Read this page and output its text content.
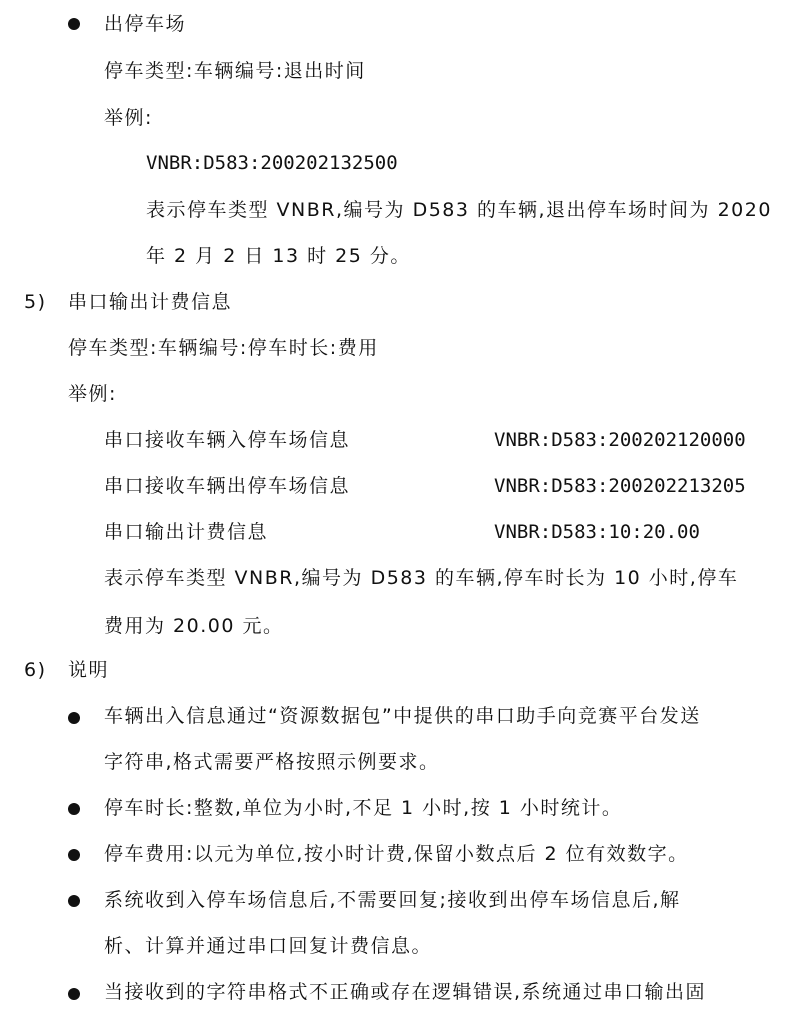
出停车场
停车类型:车辆编号:退出时间
举例:
VNBR:D583:200202132500
表示停车类型 VNBR,编号为 D583 的车辆,退出停车场时间为 2020
年 2 月 2 日 13 时 25 分。
5) 串口输出计费信息
停车类型:车辆编号:停车时长:费用
举例:
串口接收车辆入停车场信息	VNBR:D583:200202120000
串口接收车辆出停车场信息	VNBR:D583:200202213205
串口输出计费信息	VNBR:D583:10:20.00
表示停车类型 VNBR,编号为 D583 的车辆,停车时长为 10 小时,停车
费用为 20.00 元。
6) 说明
车辆出入信息通过“资源数据包”中提供的串口助手向竞赛平台发送
字符串,格式需要严格按照示例要求。
停车时长:整数,单位为小时,不足 1 小时,按 1 小时统计。
停车费用:以元为单位,按小时计费,保留小数点后 2 位有效数字。
系统收到入停车场信息后,不需要回复;接收到出停车场信息后,解
析、计算并通过串口回复计费信息。
当接收到的字符串格式不正确或存在逻辑错误,系统通过串口输出固
